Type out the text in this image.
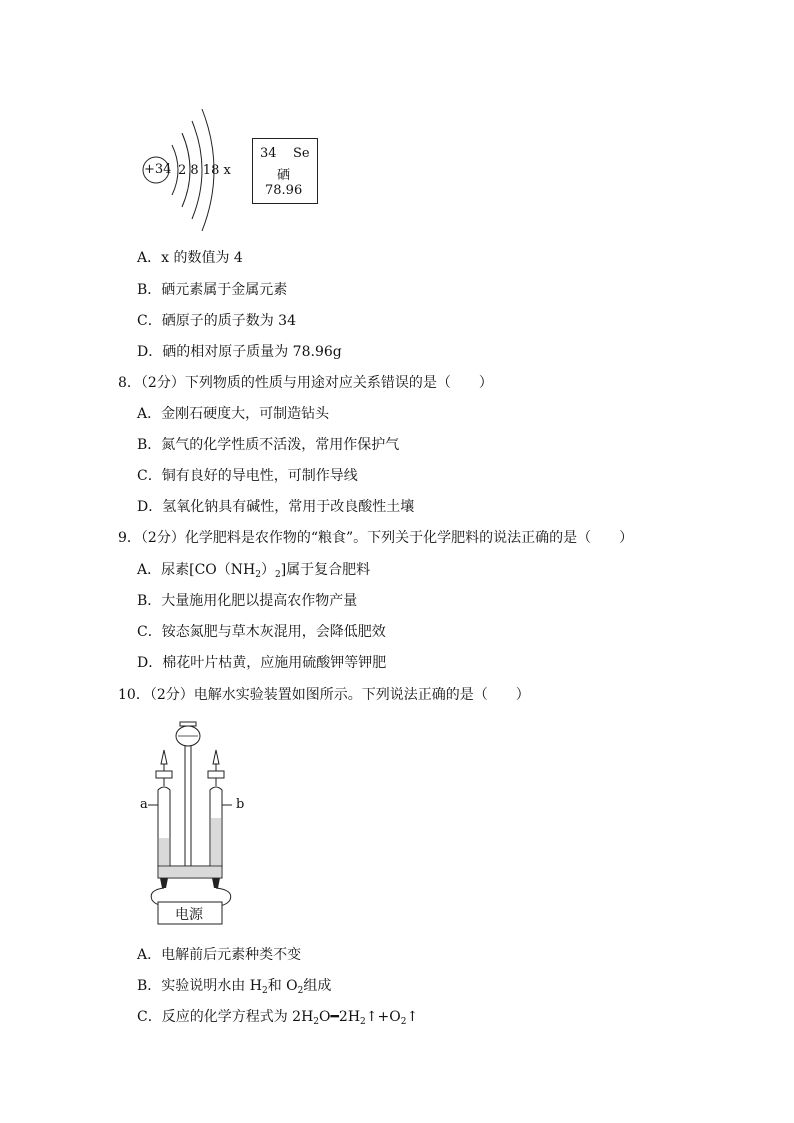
+34 2 8 18 x
34 Se
硒
78.96
A．x 的数值为 4
B．硒元素属于金属元素
C．硒原子的质子数为 34
D．硒的相对原子质量为 78.96g
8．（2分）下列物质的性质与用途对应关系错误的是（　　）
A．金刚石硬度大，可制造钻头
B．氮气的化学性质不活泼，常用作保护气
C．铜有良好的导电性，可制作导线
D．氢氧化钠具有碱性，常用于改良酸性土壤
9．（2分）化学肥料是农作物的“粮食”。下列关于化学肥料的说法正确的是（　　）
A．尿素$[CO(NH_2)_2]$属于复合肥料
B．大量施用化肥以提高农作物产量
C．铵态氮肥与草木灰混用，会降低肥效
D．棉花叶片枯黄，应施用硫酸钾等钾肥
10．（2分）电解水实验装置如图所示。下列说法正确的是（　　）
a	b
电源
A．电解前后元素种类不变
B．实验说明水由 $H_2$和 $O_2$组成
C．反应的化学方程式为 $2H_2O━2H_2↑+O_2↑$
